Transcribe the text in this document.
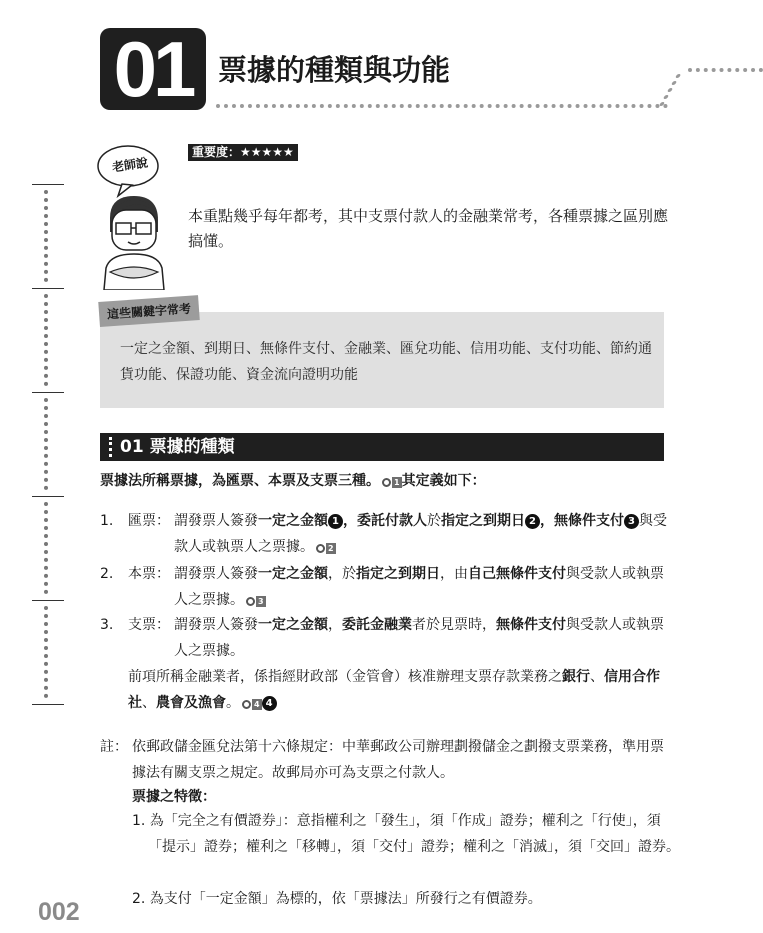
01 票據的種類與功能
老師說
重要度：★★★★★
本重點幾乎每年都考，其中支票付款人的金融業常考，各種票據之區別應搞懂。
這些關鍵字常考
一定之金額、到期日、無條件支付、金融業、匯兌功能、信用功能、支付功能、節約通貨功能、保證功能、資金流向證明功能
01 票據的種類
票據法所稱票據，為匯票、本票及支票三種。 1 其定義如下：
1. 匯票： 謂發票人簽發一定之金額 1 ，委託付款人於指定之到期日 2 ，無條件支付 3 與受款人或執票人之票據。 2
2. 本票： 謂發票人簽發一定之金額，於指定之到期日，由自己無條件支付與受款人或執票人之票據。 3
3. 支票： 謂發票人簽發一定之金額，委託金融業者於見票時，無條件支付與受款人或執票人之票據。
前項所稱金融業者，係指經財政部（金管會）核准辦理支票存款業務之銀行、信用合作社、農會及漁會。 4 4
註： 依郵政儲金匯兌法第十六條規定：中華郵政公司辦理劃撥儲金之劃撥支票業務，準用票據法有關支票之規定。故郵局亦可為支票之付款人。
票據之特徵：
1. 為「完全之有價證券」：意指權利之「發生」，須「作成」證券；權利之「行使」，須「提示」證券；權利之「移轉」，須「交付」證券；權利之「消滅」，須「交回」證券。
2. 為支付「一定金額」為標的，依「票據法」所發行之有價證券。
002
